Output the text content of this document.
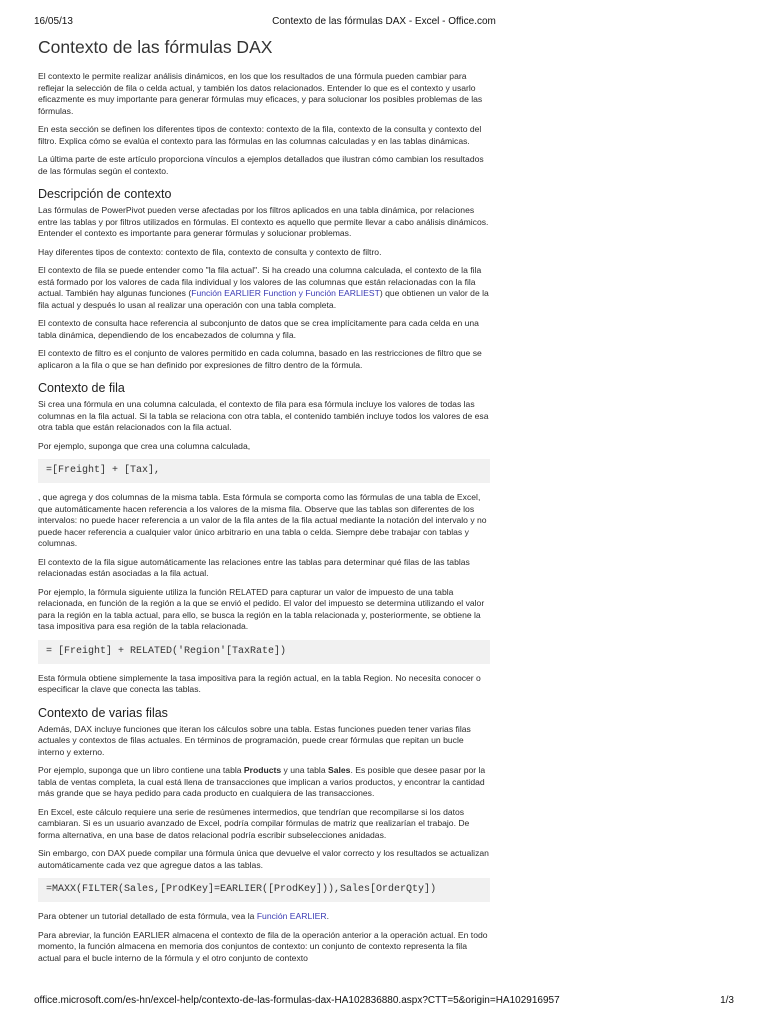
16/05/13	Contexto de las fórmulas DAX - Excel - Office.com
Contexto de las fórmulas DAX

El contexto le permite realizar análisis dinámicos, en los que los resultados de una fórmula pueden cambiar para reflejar la selección de fila o celda actual, y también los datos relacionados. Entender lo que es el contexto y usarlo eficazmente es muy importante para generar fórmulas muy eficaces, y para solucionar los posibles problemas de las fórmulas.

En esta sección se definen los diferentes tipos de contexto: contexto de la fila, contexto de la consulta y contexto del filtro. Explica cómo se evalúa el contexto para las fórmulas en las columnas calculadas y en las tablas dinámicas.

La última parte de este artículo proporciona vínculos a ejemplos detallados que ilustran cómo cambian los resultados de las fórmulas según el contexto.

Descripción de contexto

Las fórmulas de PowerPivot pueden verse afectadas por los filtros aplicados en una tabla dinámica, por relaciones entre las tablas y por filtros utilizados en fórmulas. El contexto es aquello que permite llevar a cabo análisis dinámicos. Entender el contexto es importante para generar fórmulas y solucionar problemas.

Hay diferentes tipos de contexto: contexto de fila, contexto de consulta y contexto de filtro.

El contexto de fila se puede entender como "la fila actual". Si ha creado una columna calculada, el contexto de la fila está formado por los valores de cada fila individual y los valores de las columnas que están relacionadas con la fila actual. También hay algunas funciones (Función EARLIER Function y Función EARLIEST) que obtienen un valor de la fila actual y después lo usan al realizar una operación con una tabla completa.

El contexto de consulta hace referencia al subconjunto de datos que se crea implícitamente para cada celda en una tabla dinámica, dependiendo de los encabezados de columna y fila.

El contexto de filtro es el conjunto de valores permitido en cada columna, basado en las restricciones de filtro que se aplicaron a la fila o que se han definido por expresiones de filtro dentro de la fórmula.

Contexto de fila

Si crea una fórmula en una columna calculada, el contexto de fila para esa fórmula incluye los valores de todas las columnas en la fila actual. Si la tabla se relaciona con otra tabla, el contenido también incluye todos los valores de esa otra tabla que están relacionados con la fila actual.

Por ejemplo, suponga que crea una columna calculada,

=[Freight] + [Tax],

, que agrega y dos columnas de la misma tabla. Esta fórmula se comporta como las fórmulas de una tabla de Excel, que automáticamente hacen referencia a los valores de la misma fila. Observe que las tablas son diferentes de los intervalos: no puede hacer referencia a un valor de la fila antes de la fila actual mediante la notación del intervalo y no puede hacer referencia a cualquier valor único arbitrario en una tabla o celda. Siempre debe trabajar con tablas y columnas.

El contexto de la fila sigue automáticamente las relaciones entre las tablas para determinar qué filas de las tablas relacionadas están asociadas a la fila actual.

Por ejemplo, la fórmula siguiente utiliza la función RELATED para capturar un valor de impuesto de una tabla relacionada, en función de la región a la que se envió el pedido. El valor del impuesto se determina utilizando el valor para la región en la tabla actual, para ello, se busca la región en la tabla relacionada y, posteriormente, se obtiene la tasa impositiva para esa región de la tabla relacionada.

= [Freight] + RELATED('Region'[TaxRate])

Esta fórmula obtiene simplemente la tasa impositiva para la región actual, en la tabla Region. No necesita conocer o especificar la clave que conecta las tablas.

Contexto de varias filas

Además, DAX incluye funciones que iteran los cálculos sobre una tabla. Estas funciones pueden tener varias filas actuales y contextos de filas actuales. En términos de programación, puede crear fórmulas que repitan un bucle interno y externo.

Por ejemplo, suponga que un libro contiene una tabla Products y una tabla Sales. Es posible que desee pasar por la tabla de ventas completa, la cual está llena de transacciones que implican a varios productos, y encontrar la cantidad más grande que se haya pedido para cada producto en cualquiera de las transacciones.

En Excel, este cálculo requiere una serie de resúmenes intermedios, que tendrían que recompilarse si los datos cambiaran. Si es un usuario avanzado de Excel, podría compilar fórmulas de matriz que realizarían el trabajo. De forma alternativa, en una base de datos relacional podría escribir subselecciones anidadas.

Sin embargo, con DAX puede compilar una fórmula única que devuelve el valor correcto y los resultados se actualizan automáticamente cada vez que agregue datos a las tablas.

=MAXX(FILTER(Sales,[ProdKey]=EARLIER([ProdKey])),Sales[OrderQty])

Para obtener un tutorial detallado de esta fórmula, vea la Función EARLIER.

Para abreviar, la función EARLIER almacena el contexto de fila de la operación anterior a la operación actual. En todo momento, la función almacena en memoria dos conjuntos de contexto: un conjunto de contexto representa la fila actual para el bucle interno de la fórmula y el otro conjunto de contexto

office.microsoft.com/es-hn/excel-help/contexto-de-las-formulas-dax-HA102836880.aspx?CTT=5&origin=HA102916957	1/3
